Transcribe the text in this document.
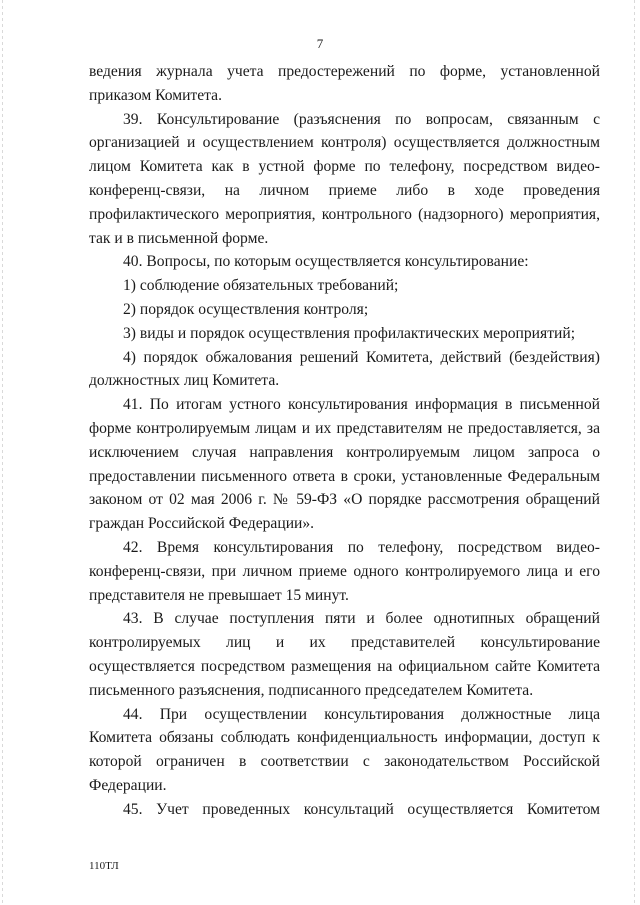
7

ведения журнала учета предостережений по форме, установленной приказом Комитета.

39. Консультирование (разъяснения по вопросам, связанным с организацией и осуществлением контроля) осуществляется должностным лицом Комитета как в устной форме по телефону, посредством видео-конференц-связи, на личном приеме либо в ходе проведения профилактического мероприятия, контрольного (надзорного) мероприятия, так и в письменной форме.

40. Вопросы, по которым осуществляется консультирование:

1) соблюдение обязательных требований;

2) порядок осуществления контроля;

3) виды и порядок осуществления профилактических мероприятий;

4) порядок обжалования решений Комитета, действий (бездействия) должностных лиц Комитета.

41. По итогам устного консультирования информация в письменной форме контролируемым лицам и их представителям не предоставляется, за исключением случая направления контролируемым лицом запроса о предоставлении письменного ответа в сроки, установленные Федеральным законом от 02 мая 2006 г. № 59-ФЗ «О порядке рассмотрения обращений граждан Российской Федерации».

42. Время консультирования по телефону, посредством видео-конференц-связи, при личном приеме одного контролируемого лица и его представителя не превышает 15 минут.

43. В случае поступления пяти и более однотипных обращений контролируемых лиц и их представителей консультирование осуществляется посредством размещения на официальном сайте Комитета письменного разъяснения, подписанного председателем Комитета.

44. При осуществлении консультирования должностные лица Комитета обязаны соблюдать конфиденциальность информации, доступ к которой ограничен в соответствии с законодательством Российской Федерации.

45. Учет проведенных консультаций осуществляется Комитетом

110ТЛ
